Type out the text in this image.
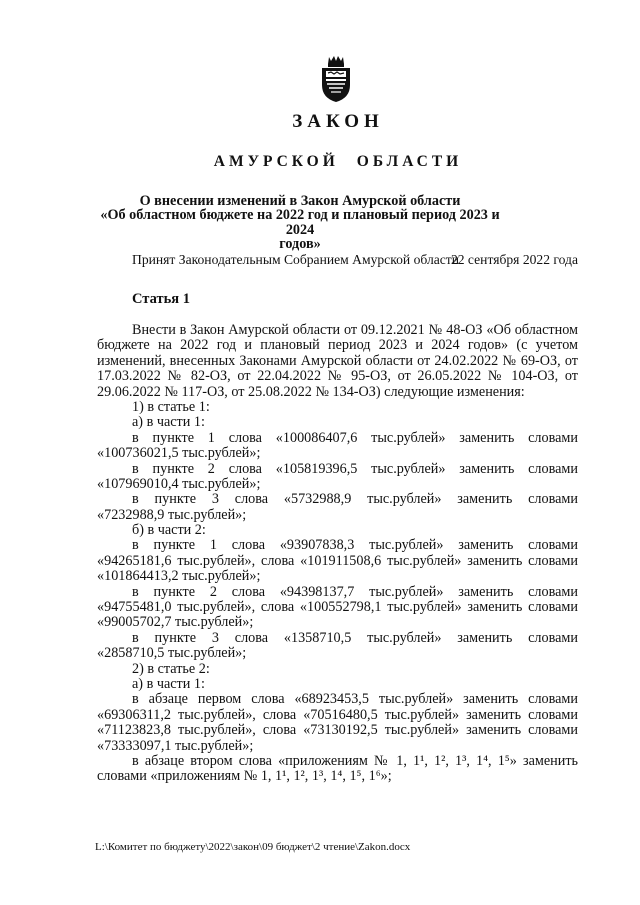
ЗАКОН
АМУРСКОЙ ОБЛАСТИ
О внесении изменений в Закон Амурской области
«Об областном бюджете на 2022 год и плановый период 2023 и 2024
годов»
Принят Законодательным Собранием Амурской области
22 сентября 2022 года
Статья 1
Внести в Закон Амурской области от 09.12.2021 № 48-ОЗ «Об областном
бюджете на 2022 год и плановый период 2023 и 2024 годов» (с учетом
изменений, внесенных Законами Амурской области от 24.02.2022 № 69-ОЗ, от
17.03.2022 № 82-ОЗ, от 22.04.2022 № 95-ОЗ, от 26.05.2022 № 104-ОЗ, от
29.06.2022 № 117-ОЗ, от 25.08.2022 № 134-ОЗ) следующие изменения:
1) в статье 1:
а) в части 1:
в пункте 1 слова «100086407,6 тыс.рублей» заменить словами
«100736021,5 тыс.рублей»;
в пункте 2 слова «105819396,5 тыс.рублей» заменить словами
«107969010,4 тыс.рублей»;
в пункте 3 слова «5732988,9 тыс.рублей» заменить словами
«7232988,9 тыс.рублей»;
б) в части 2:
в пункте 1 слова «93907838,3 тыс.рублей» заменить словами
«94265181,6 тыс.рублей», слова «101911508,6 тыс.рублей» заменить словами
«101864413,2 тыс.рублей»;
в пункте 2 слова «94398137,7 тыс.рублей» заменить словами
«94755481,0 тыс.рублей», слова «100552798,1 тыс.рублей» заменить словами
«99005702,7 тыс.рублей»;
в пункте 3 слова «1358710,5 тыс.рублей» заменить словами
«2858710,5 тыс.рублей»;
2) в статье 2:
а) в части 1:
в абзаце первом слова «68923453,5 тыс.рублей» заменить словами
«69306311,2 тыс.рублей», слова «70516480,5 тыс.рублей» заменить словами
«71123823,8 тыс.рублей», слова «73130192,5 тыс.рублей» заменить словами
«73333097,1 тыс.рублей»;
в абзаце втором слова «приложениям № 1, 1¹, 1², 1³, 1⁴, 1⁵» заменить
словами «приложениям № 1, 1¹, 1², 1³, 1⁴, 1⁵, 1⁶»;
L:\Комитет по бюджету\2022\закон\09 бюджет\2 чтение\Zakon.docx
